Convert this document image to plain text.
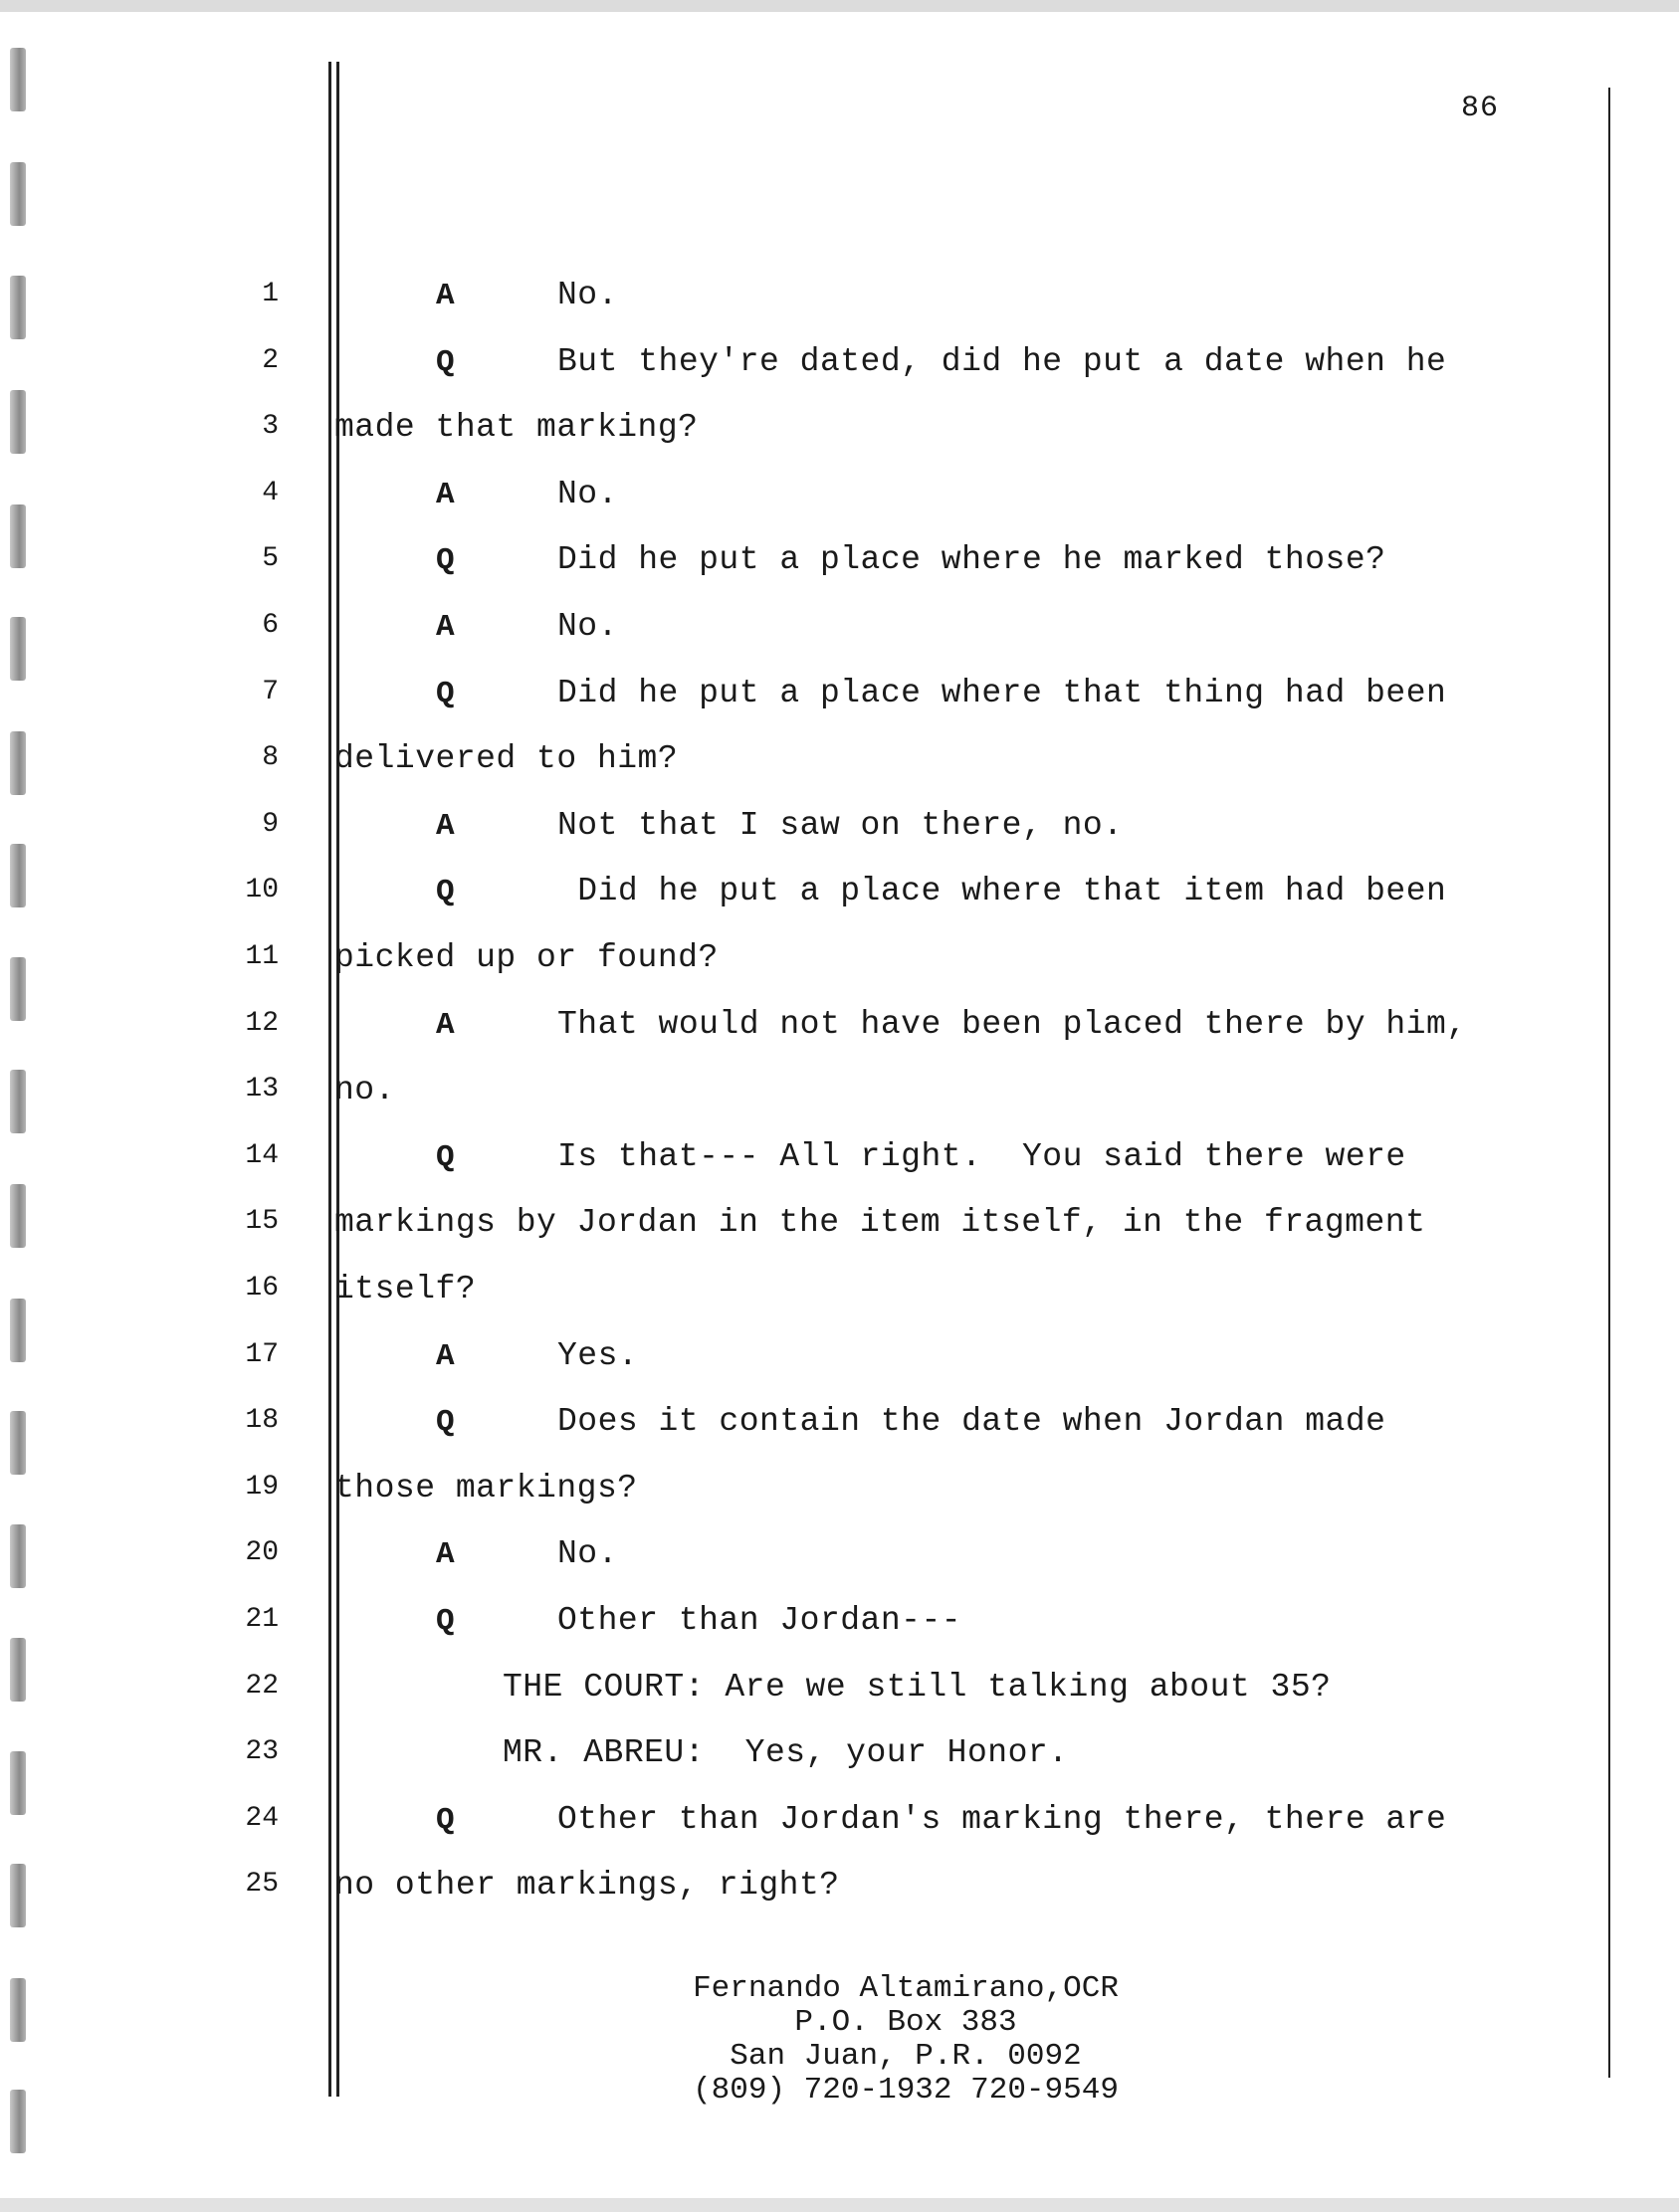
86
1	A	No.
2	Q	But they're dated, did he put a date when he
3 made that marking?
4	A	No.
5	Q	Did he put a place where he marked those?
6	A	No.
7	Q	Did he put a place where that thing had been
8 delivered to him?
9	A	Not that I saw on there, no.
10	Q	Did he put a place where that item had been
11 picked up or found?
12	A	That would not have been placed there by him,
13 no.
14	Q	Is that--- All right.  You said there were
15 markings by Jordan in the item itself, in the fragment
16 itself?
17	A	Yes.
18	Q	Does it contain the date when Jordan made
19 those markings?
20	A	No.
21	Q	Other than Jordan---
22	THE COURT: Are we still talking about 35?
23	MR. ABREU:  Yes, your Honor.
24	Q	Other than Jordan's marking there, there are
25 no other markings, right?
Fernando Altamirano,OCR
P.O. Box 383
San Juan, P.R. 0092
(809) 720-1932 720-9549
